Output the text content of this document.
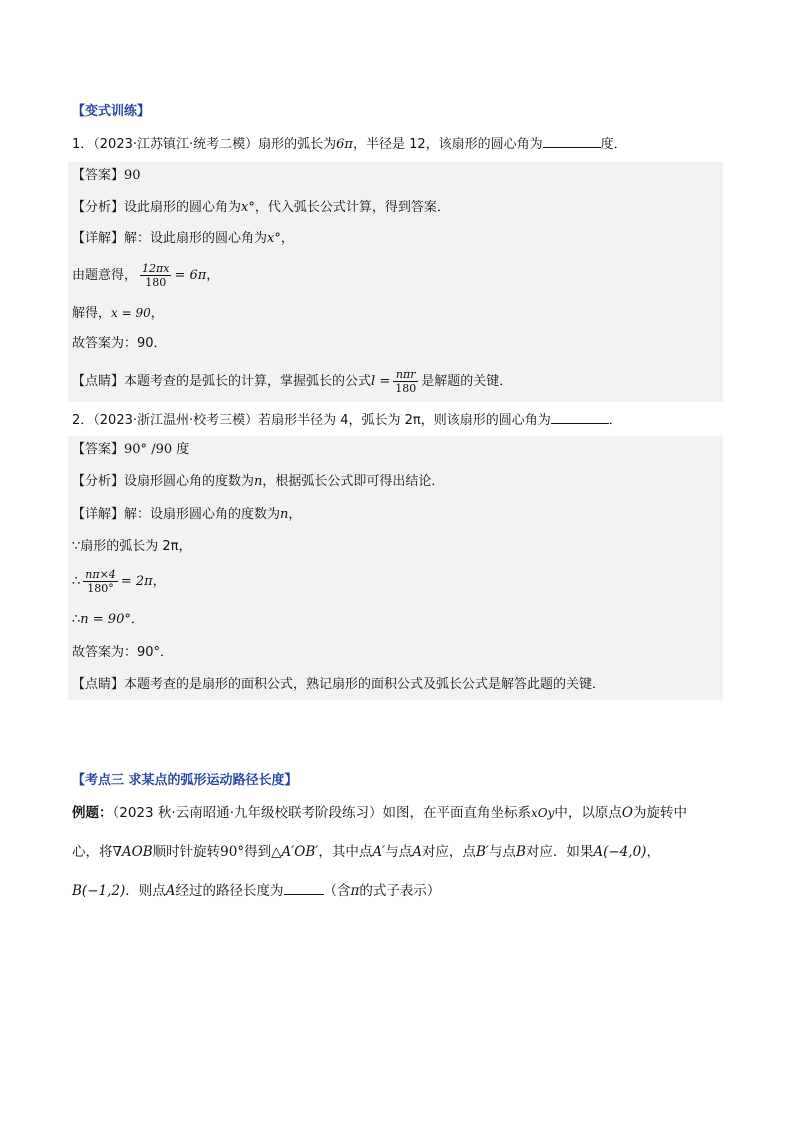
【变式训练】
1．（2023·江苏镇江·统考二模）扇形的弧长为6π，半径是 12，该扇形的圆心角为	度．
【答案】90
【分析】设此扇形的圆心角为x°，代入弧长公式计算，得到答案．
【详解】解：设此扇形的圆心角为x°，
由题意得， $\frac{12\pi x}{180} = 6\pi$，
解得，x = 90，
故答案为：90．
【点睛】本题考查的是弧长的计算，掌握弧长的公式$l = \frac{\text{nπr}}{180}$ 是解题的关键．
2．（2023·浙江温州·校考三模）若扇形半径为 4，弧长为 2π，则该扇形的圆心角为	．
【答案】90° /90 度
【分析】设扇形圆心角的度数为n，根据弧长公式即可得出结论．
【详解】解：设扇形圆心角的度数为n，
∵扇形的弧长为 2π，
∴ $\frac{n\pi\times 4}{180^\circ} = 2\pi$，
∴n = 90°．
故答案为：90°．
【点睛】本题考查的是扇形的面积公式，熟记扇形的面积公式及弧长公式是解答此题的关键．
【考点三 求某点的弧形运动路径长度】
例题：（2023 秋·云南昭通·九年级校联考阶段练习）如图，在平面直角坐标系xOy中，以原点O为旋转中
心，将∇AOB顺时针旋转90°得到△A′OB′，其中点A′与点A对应，点B′与点B对应．如果A(−4,0)，
B(−1,2)．则点A经过的路径长度为	（含π的式子表示）
